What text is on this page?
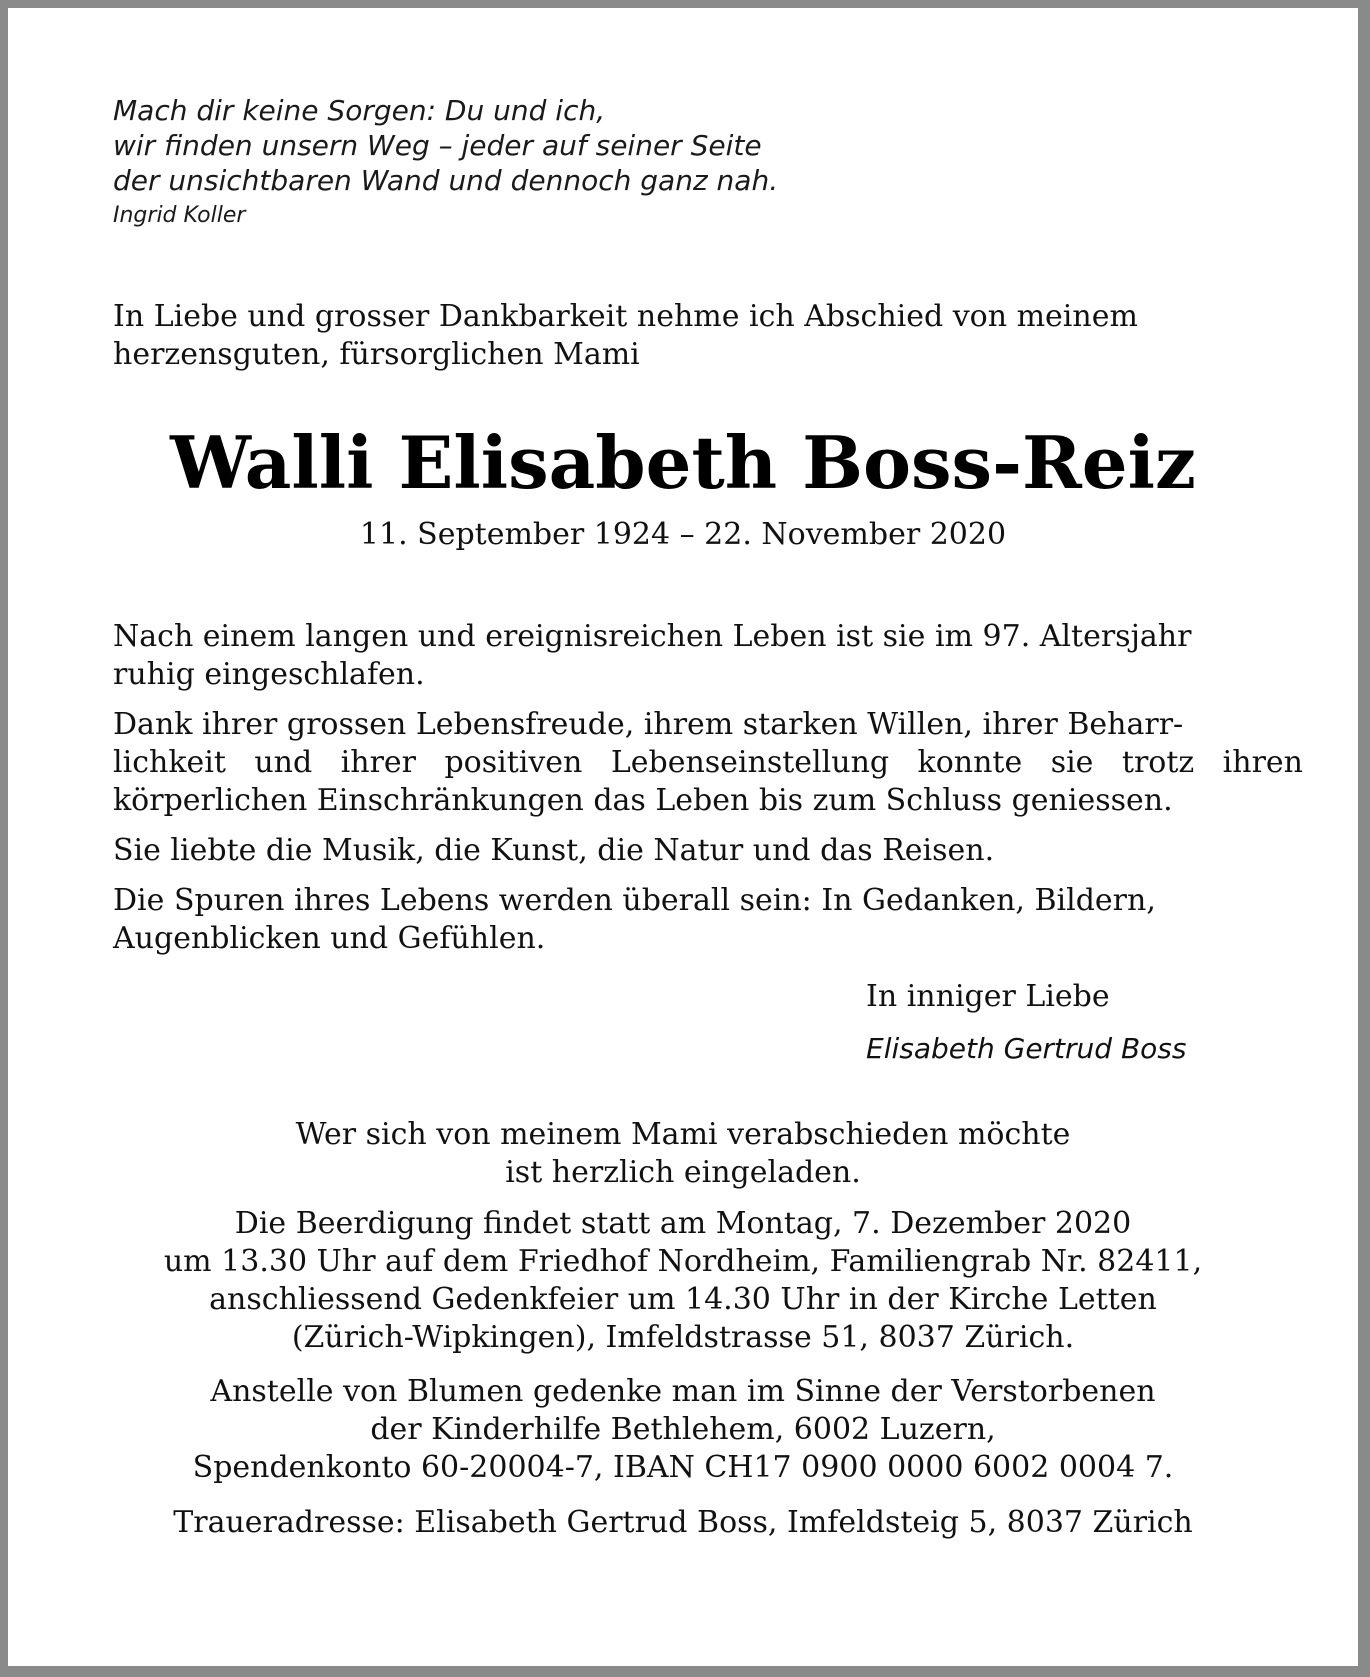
Mach dir keine Sorgen: Du und ich,
wir finden unsern Weg – jeder auf seiner Seite
der unsichtbaren Wand und dennoch ganz nah.
Ingrid Koller
In Liebe und grosser Dankbarkeit nehme ich Abschied von meinem
herzensguten, fürsorglichen Mami
Walli Elisabeth Boss-Reiz
11. September 1924 – 22. November 2020
Nach einem langen und ereignisreichen Leben ist sie im 97. Altersjahr
ruhig eingeschlafen.
Dank ihrer grossen Lebensfreude, ihrem starken Willen, ihrer Beharr-
lichkeit und ihrer positiven Lebenseinstellung konnte sie trotz ihren
körperlichen Einschränkungen das Leben bis zum Schluss geniessen.
Sie liebte die Musik, die Kunst, die Natur und das Reisen.
Die Spuren ihres Lebens werden überall sein: In Gedanken, Bildern,
Augenblicken und Gefühlen.
In inniger Liebe
Elisabeth Gertrud Boss
Wer sich von meinem Mami verabschieden möchte
ist herzlich eingeladen.
Die Beerdigung findet statt am Montag, 7. Dezember 2020
um 13.30 Uhr auf dem Friedhof Nordheim, Familiengrab Nr. 82411,
anschliessend Gedenkfeier um 14.30 Uhr in der Kirche Letten
(Zürich-Wipkingen), Imfeldstrasse 51, 8037 Zürich.
Anstelle von Blumen gedenke man im Sinne der Verstorbenen
der Kinderhilfe Bethlehem, 6002 Luzern,
Spendenkonto 60-20004-7, IBAN CH17 0900 0000 6002 0004 7.
Traueradresse: Elisabeth Gertrud Boss, Imfeldsteig 5, 8037 Zürich
